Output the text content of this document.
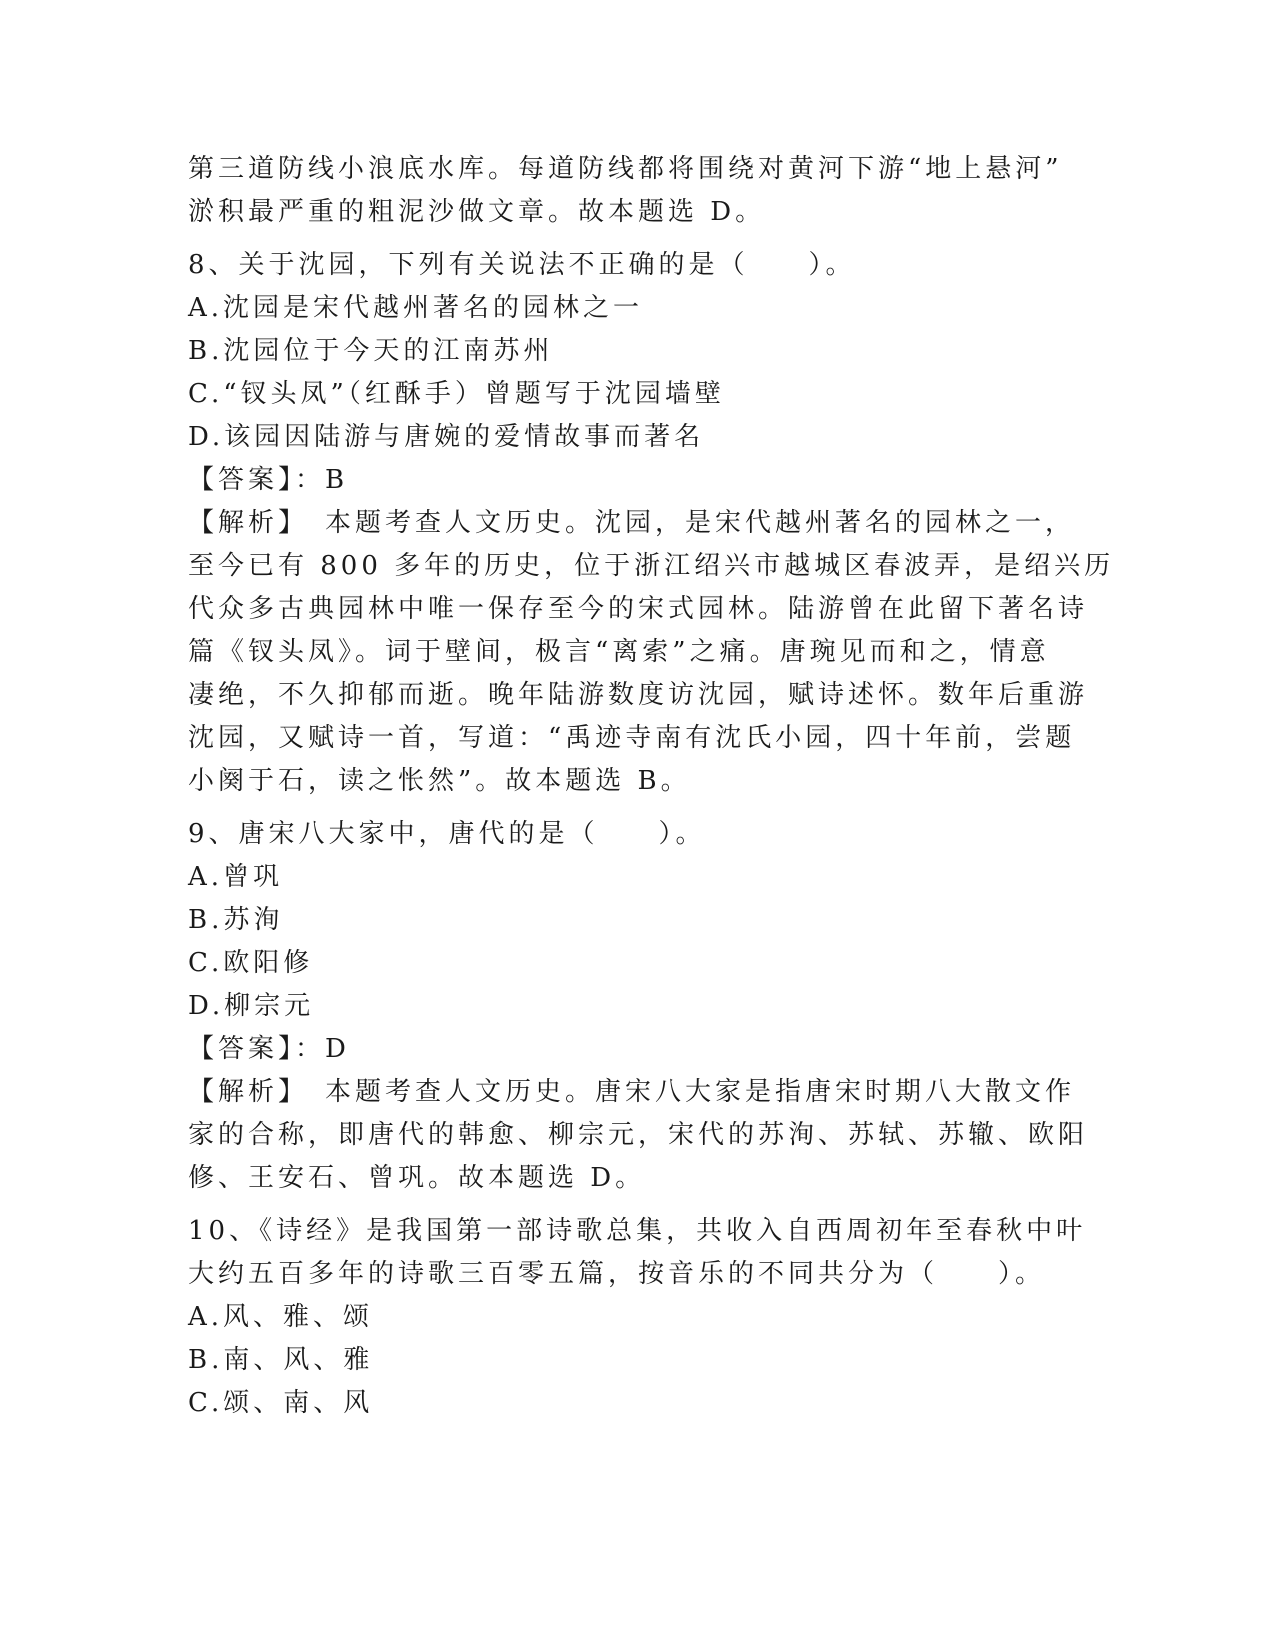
第三道防线小浪底水库。每道防线都将围绕对黄河下游“地上悬河”
淤积最严重的粗泥沙做文章。故本题选 D。
8、关于沈园，下列有关说法不正确的是（　　）。
A.沈园是宋代越州著名的园林之一
B.沈园位于今天的江南苏州
C.“钗头凤”（红酥手）曾题写于沈园墙壁
D.该园因陆游与唐婉的爱情故事而著名
【答案】：B
【解析】　本题考查人文历史。沈园，是宋代越州著名的园林之一，
至今已有 800 多年的历史，位于浙江绍兴市越城区春波弄，是绍兴历
代众多古典园林中唯一保存至今的宋式园林。陆游曾在此留下著名诗
篇《钗头凤》。词于壁间，极言“离索”之痛。唐琬见而和之，情意
凄绝，不久抑郁而逝。晚年陆游数度访沈园，赋诗述怀。数年后重游
沈园，又赋诗一首，写道：“禹迹寺南有沈氏小园，四十年前，尝题
小阕于石，读之怅然”。故本题选 B。
9、唐宋八大家中，唐代的是（　　）。
A.曾巩
B.苏洵
C.欧阳修
D.柳宗元
【答案】：D
【解析】　本题考查人文历史。唐宋八大家是指唐宋时期八大散文作
家的合称，即唐代的韩愈、柳宗元，宋代的苏洵、苏轼、苏辙、欧阳
修、王安石、曾巩。故本题选 D。
10、《诗经》是我国第一部诗歌总集，共收入自西周初年至春秋中叶
大约五百多年的诗歌三百零五篇，按音乐的不同共分为（　　）。
A.风、雅、颂
B.南、风、雅
C.颂、南、风
